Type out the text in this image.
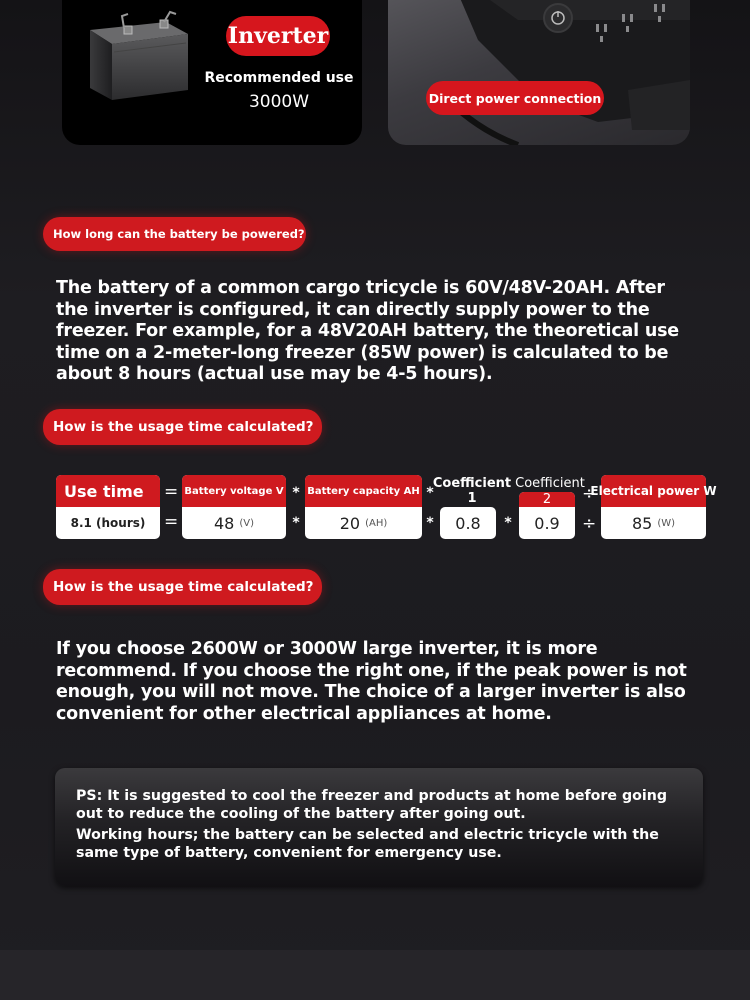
Inverter
Recommended use
3000W	Direct power connection
How long can the battery be powered?
The battery of a common cargo tricycle is 60V/48V-20AH. After the inverter is configured, it can directly supply power to the freezer. For example, for a 48V20AH battery, the theoretical use time on a 2-meter-long freezer (85W power) is calculated to be about 8 hours (actual use may be 4-5 hours).
How is the usage time calculated?
Use time
8.1 (hours)
=
=
Battery voltage V
48 (V)
*
*
Battery capacity AH
20 (AH)
*
*
Coefficient
1
0.8	*
Coefficient
2
0.9
÷
÷
Electrical power W
85 (W)
How is the usage time calculated?
If you choose 2600W or 3000W large inverter, it is more recommend. If you choose the right one, if the peak power is not enough, you will not move. The choice of a larger inverter is also convenient for other electrical appliances at home.
PS: It is suggested to cool the freezer and products at home before going out to reduce the cooling of the battery after going out.
Working hours; the battery can be selected and electric tricycle with the same type of battery, convenient for emergency use.
